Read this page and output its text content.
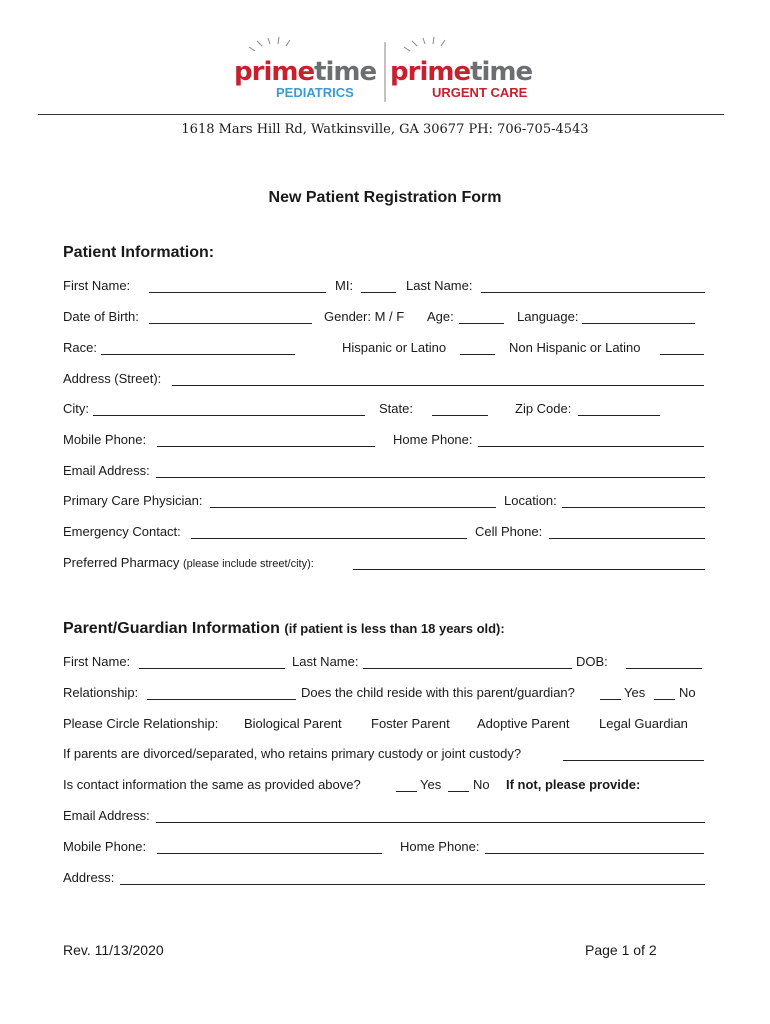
primetime
PEDIATRICS
primetime
URGENT CARE
1618 Mars Hill Rd, Watkinsville, GA 30677 PH: 706-705-4543
New Patient Registration Form
Patient Information:
First Name:	MI:	Last Name:
Date of Birth:	Gender: M / F Age:	Language:
Race:	Hispanic or Latino	Non Hispanic or Latino
Address (Street):
City:	State:	Zip Code:
Mobile Phone:	Home Phone:
Email Address:
Primary Care Physician:	Location:
Emergency Contact:	Cell Phone:
Preferred Pharmacy (please include street/city):
Parent/Guardian Information (if patient is less than 18 years old):
First Name:	Last Name:	DOB:
Relationship:	Does the child reside with this parent/guardian?	Yes	No
Please Circle Relationship: Biological Parent Foster Parent Adoptive Parent Legal Guardian
If parents are divorced/separated, who retains primary custody or joint custody?
Is contact information the same as provided above?	Yes No If not, please provide:
Email Address:
Mobile Phone:	Home Phone:
Address:
Rev. 11/13/2020	Page 1 of 2
